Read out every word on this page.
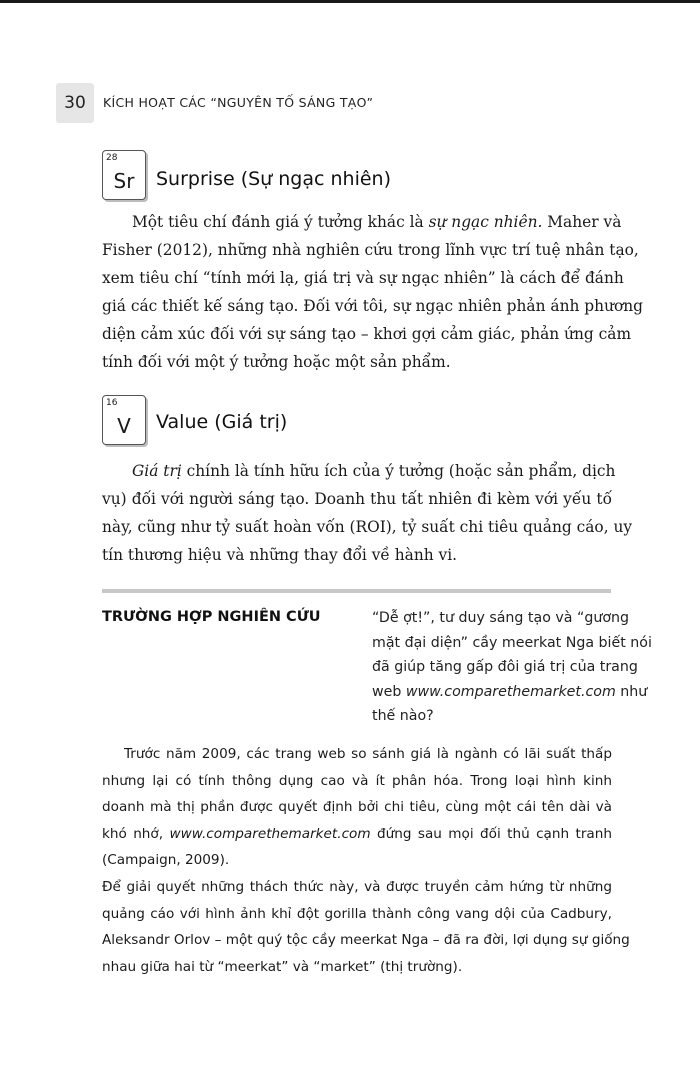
30 KÍCH HOẠT CÁC “NGUYÊN TỐ SÁNG TẠO”
28
Sr	Surprise (Sự ngạc nhiên)

Một tiêu chí đánh giá ý tưởng khác là sự ngạc nhiên. Maher và
Fisher (2012), những nhà nghiên cứu trong lĩnh vực trí tuệ nhân tạo,
xem tiêu chí “tính mới lạ, giá trị và sự ngạc nhiên” là cách để đánh
giá các thiết kế sáng tạo. Đối với tôi, sự ngạc nhiên phản ánh phương
diện cảm xúc đối với sự sáng tạo – khơi gợi cảm giác, phản ứng cảm
tính đối với một ý tưởng hoặc một sản phẩm.

16
V	Value (Giá trị)

Giá trị chính là tính hữu ích của ý tưởng (hoặc sản phẩm, dịch
vụ) đối với người sáng tạo. Doanh thu tất nhiên đi kèm với yếu tố
này, cũng như tỷ suất hoàn vốn (ROI), tỷ suất chi tiêu quảng cáo, uy
tín thương hiệu và những thay đổi về hành vi.

TRƯỜNG HỢP NGHIÊN CỨU	“Dễ ợt!”, tư duy sáng tạo và “gương
mặt đại diện” cầy meerkat Nga biết nói
đã giúp tăng gấp đôi giá trị của trang
web www.comparethemarket.com như
thế nào?

Trước năm 2009, các trang web so sánh giá là ngành có lãi suất thấp
nhưng lại có tính thông dụng cao và ít phân hóa. Trong loại hình kinh
doanh mà thị phần được quyết định bởi chi tiêu, cùng một cái tên dài và
khó nhớ, www.comparethemarket.com đứng sau mọi đối thủ cạnh tranh
(Campaign, 2009).

Để giải quyết những thách thức này, và được truyền cảm hứng từ những
quảng cáo với hình ảnh khỉ đột gorilla thành công vang dội của Cadbury,
Aleksandr Orlov – một quý tộc cầy meerkat Nga – đã ra đời, lợi dụng sự giống
nhau giữa hai từ “meerkat” và “market” (thị trường).
